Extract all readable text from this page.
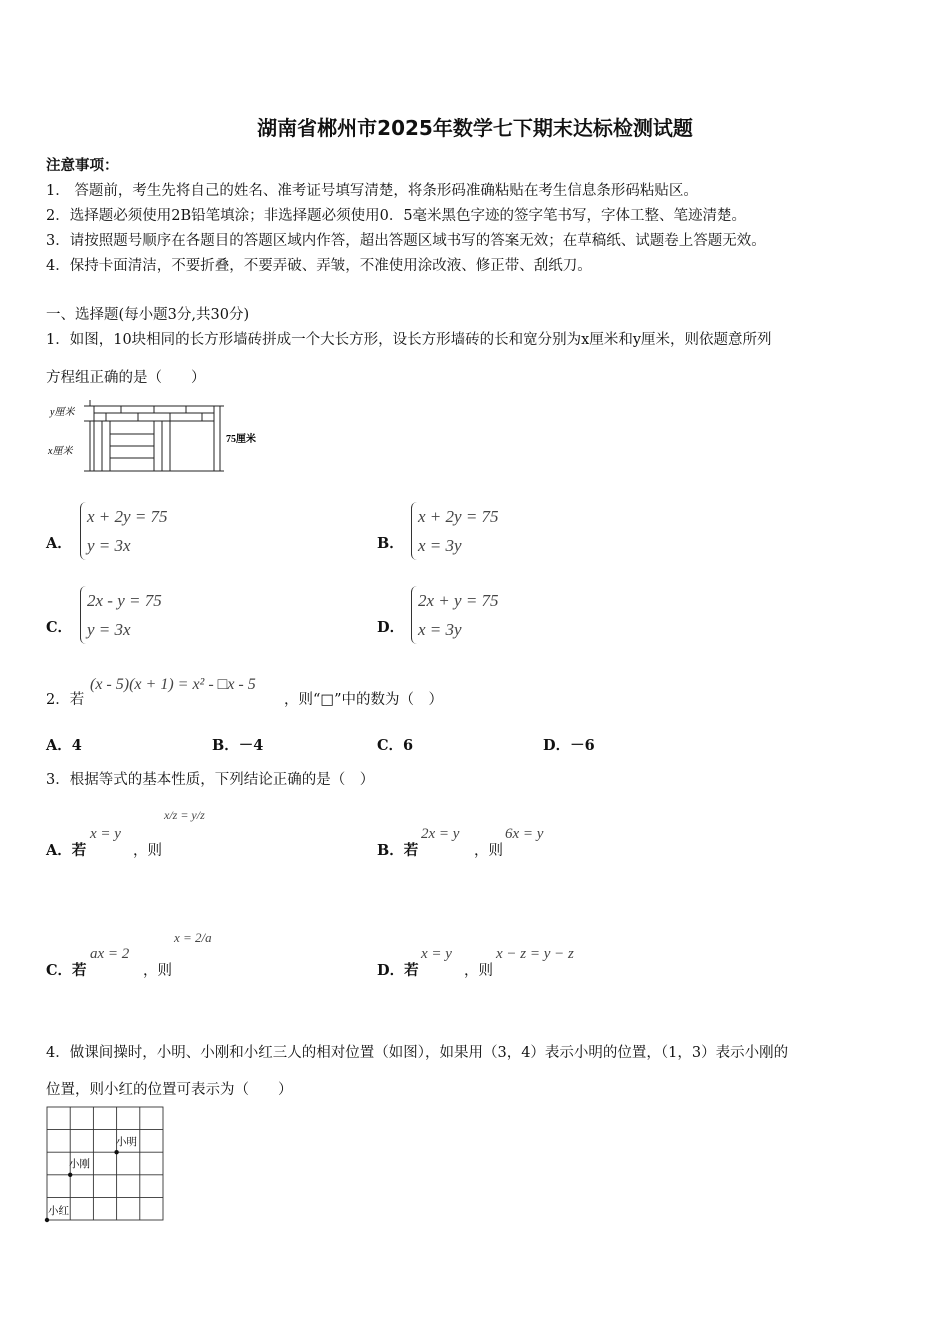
湖南省郴州市2025年数学七下期末达标检测试题
注意事项：
1． 答题前，考生先将自己的姓名、准考证号填写清楚，将条形码准确粘贴在考生信息条形码粘贴区。
2．选择题必须使用2B铅笔填涂；非选择题必须使用0．5毫米黑色字迹的签字笔书写，字体工整、笔迹清楚。
3．请按照题号顺序在各题目的答题区域内作答，超出答题区域书写的答案无效；在草稿纸、试题卷上答题无效。
4．保持卡面清洁，不要折叠，不要弄破、弄皱，不准使用涂改液、修正带、刮纸刀。
一、选择题(每小题3分,共30分)
1．如图，10块相同的长方形墙砖拼成一个大长方形，设长方形墙砖的长和宽分别为x厘米和y厘米，则依题意所列
方程组正确的是（　　）
y厘米
x厘米
75厘米
A．
x + 2y = 75
y = 3x	B．
x + 2y = 75
x = 3y
C．
2x - y = 75
y = 3x	D．
2x + y = 75
x = 3y
2．若
(x - 5)(x + 1) = x² - □x - 5
，则“□”中的数为（　）
A．4	B．－4	C．6	D．－6
3．根据等式的基本性质，下列结论正确的是（　）
A．若
x = y
，则
x/z = y/z
B．若
2x = y
，则
6x = y
C．若
ax = 2
，则
x = 2/a
D．若
x = y
，则
x − z = y − z
4．做课间操时，小明、小刚和小红三人的相对位置（如图），如果用（3，4）表示小明的位置，（1，3）表示小刚的
位置，则小红的位置可表示为（　　）
小明
小刚
小红
